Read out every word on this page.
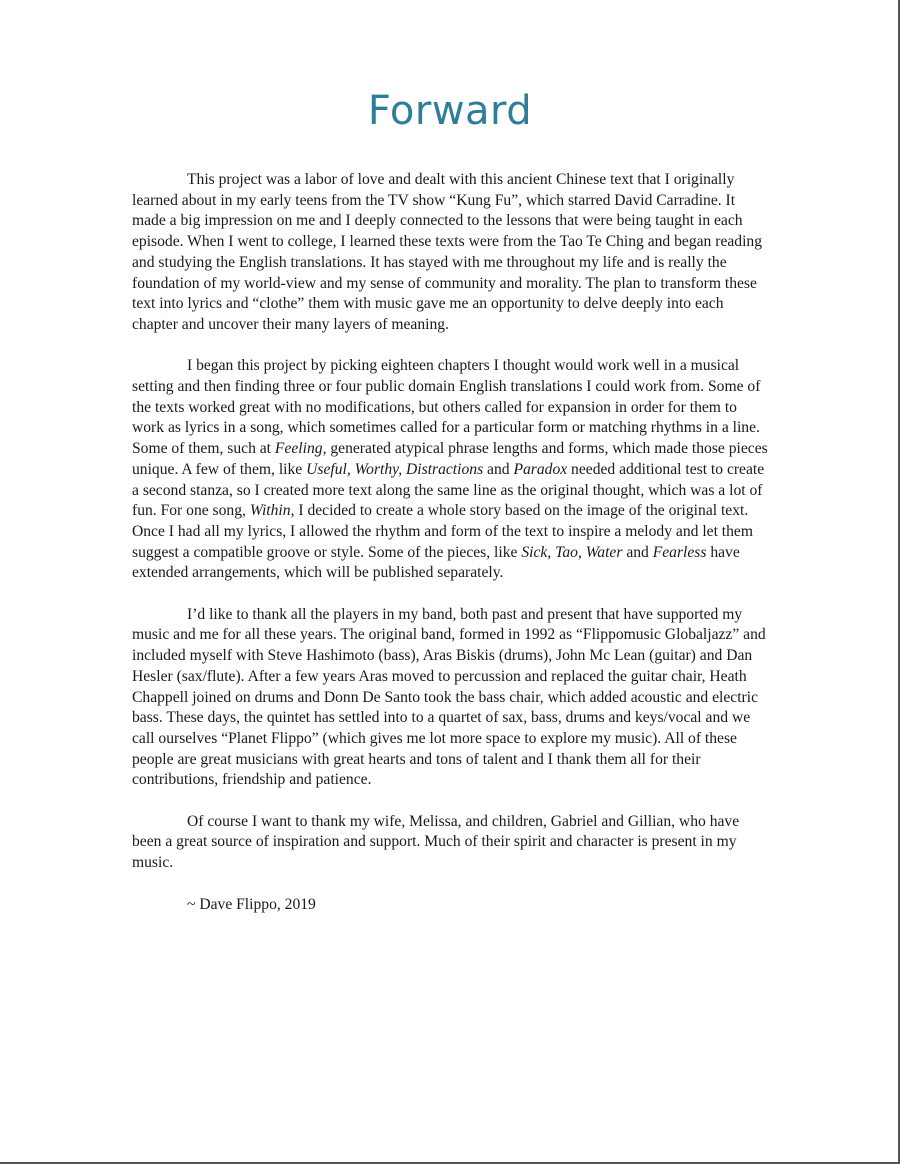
Forward

This project was a labor of love and dealt with this ancient Chinese text that I originally learned about in my early teens from the TV show “Kung Fu”, which starred David Carradine. It made a big impression on me and I deeply connected to the lessons that were being taught in each episode. When I went to college, I learned these texts were from the Tao Te Ching and began reading and studying the English translations. It has stayed with me throughout my life and is really the foundation of my world-view and my sense of community and morality. The plan to transform these text into lyrics and “clothe” them with music gave me an opportunity to delve deeply into each chapter and uncover their many layers of meaning.

I began this project by picking eighteen chapters I thought would work well in a musical setting and then finding three or four public domain English translations I could work from. Some of the texts worked great with no modifications, but others called for expansion in order for them to work as lyrics in a song, which sometimes called for a particular form or matching rhythms in a line. Some of them, such at Feeling, generated atypical phrase lengths and forms, which made those pieces unique. A few of them, like Useful, Worthy, Distractions and Paradox needed additional test to create a second stanza, so I created more text along the same line as the original thought, which was a lot of fun. For one song, Within, I decided to create a whole story based on the image of the original text. Once I had all my lyrics, I allowed the rhythm and form of the text to inspire a melody and let them suggest a compatible groove or style. Some of the pieces, like Sick, Tao, Water and Fearless have extended arrangements, which will be published separately.

I’d like to thank all the players in my band, both past and present that have supported my music and me for all these years. The original band, formed in 1992 as “Flippomusic Globaljazz” and included myself with Steve Hashimoto (bass), Aras Biskis (drums), John Mc Lean (guitar) and Dan Hesler (sax/flute). After a few years Aras moved to percussion and replaced the guitar chair, Heath Chappell joined on drums and Donn De Santo took the bass chair, which added acoustic and electric bass. These days, the quintet has settled into to a quartet of sax, bass, drums and keys/vocal and we call ourselves “Planet Flippo” (which gives me lot more space to explore my music). All of these people are great musicians with great hearts and tons of talent and I thank them all for their contributions, friendship and patience.

Of course I want to thank my wife, Melissa, and children, Gabriel and Gillian, who have been a great source of inspiration and support. Much of their spirit and character is present in my music.

~ Dave Flippo, 2019
